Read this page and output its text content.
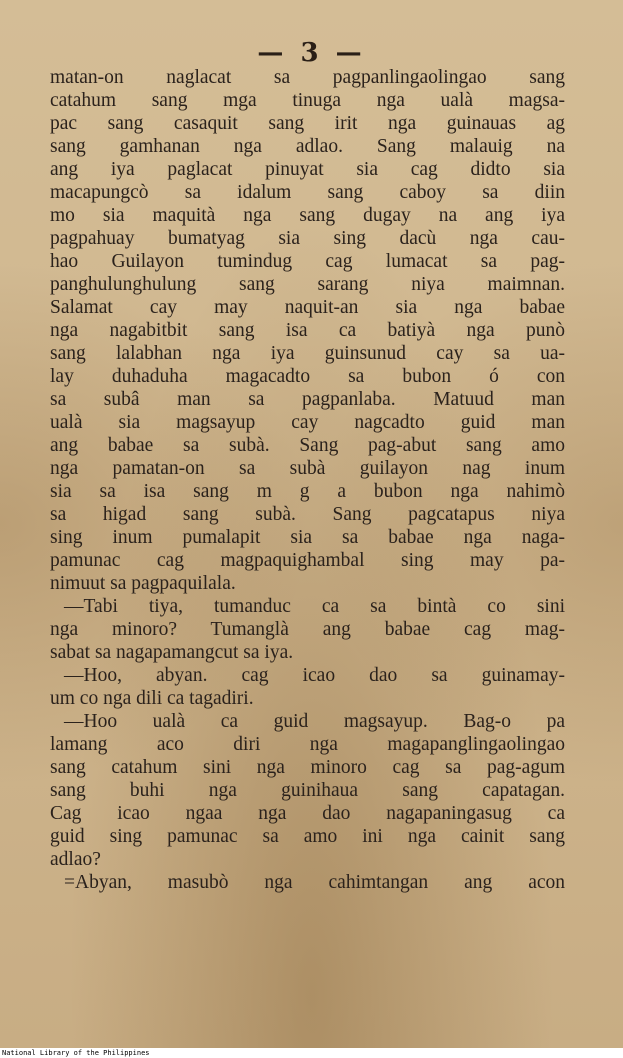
— 3 —
matan-on naglacat sa pagpanlingaolingao sang
catahum sang mga tinuga nga ualà magsa-
pac sang casaquit sang irit nga guinauas ag
sang gamhanan nga adlao. Sang malauig na
ang iya paglacat pinuyat sia cag didto sia
macapungcò sa idalum sang caboy sa diin
mo sia maquità nga sang dugay na ang iya
pagpahuay bumatyag sia sing dacù nga cau-
hao Guilayon tumindug cag lumacat sa pag-
panghulunghulung sang sarang niya maimnan.
Salamat cay may naquit-an sia nga babae
nga nagabitbit sang isa ca batiyà nga punò
sang lalabhan nga iya guinsunud cay sa ua-
lay duhaduha magacadto sa bubon ó con
sa subâ man sa pagpanlaba. Matuud man
ualà sia magsayup cay nagcadto guid man
ang babae sa subà. Sang pag-abut sang amo
nga pamatan-on sa subà guilayon nag inum
sia sa isa sang m g a bubon nga nahimò
sa higad sang subà. Sang pagcatapus niya
sing inum pumalapit sia sa babae nga naga-
pamunac cag magpaquighambal sing may pa-
nimuut sa pagpaquilala.
—Tabi tiya, tumanduc ca sa bintà co sini
nga minoro? Tumanglà ang babae cag mag-
sabat sa nagapamangcut sa iya.
—Hoo, abyan. cag icao dao sa guinamay-
um co nga dili ca tagadiri.
—Hoo ualà ca guid magsayup. Bag-o pa
lamang aco diri nga magapanglingaolingao
sang catahum sini nga minoro cag sa pag-agum
sang buhi nga guinihaua sang capatagan.
Cag icao ngaa nga dao nagapaningasug ca
guid sing pamunac sa amo ini nga cainit sang
adlao?
=Abyan, masubò nga cahimtangan ang acon
National Library of the Philippines
